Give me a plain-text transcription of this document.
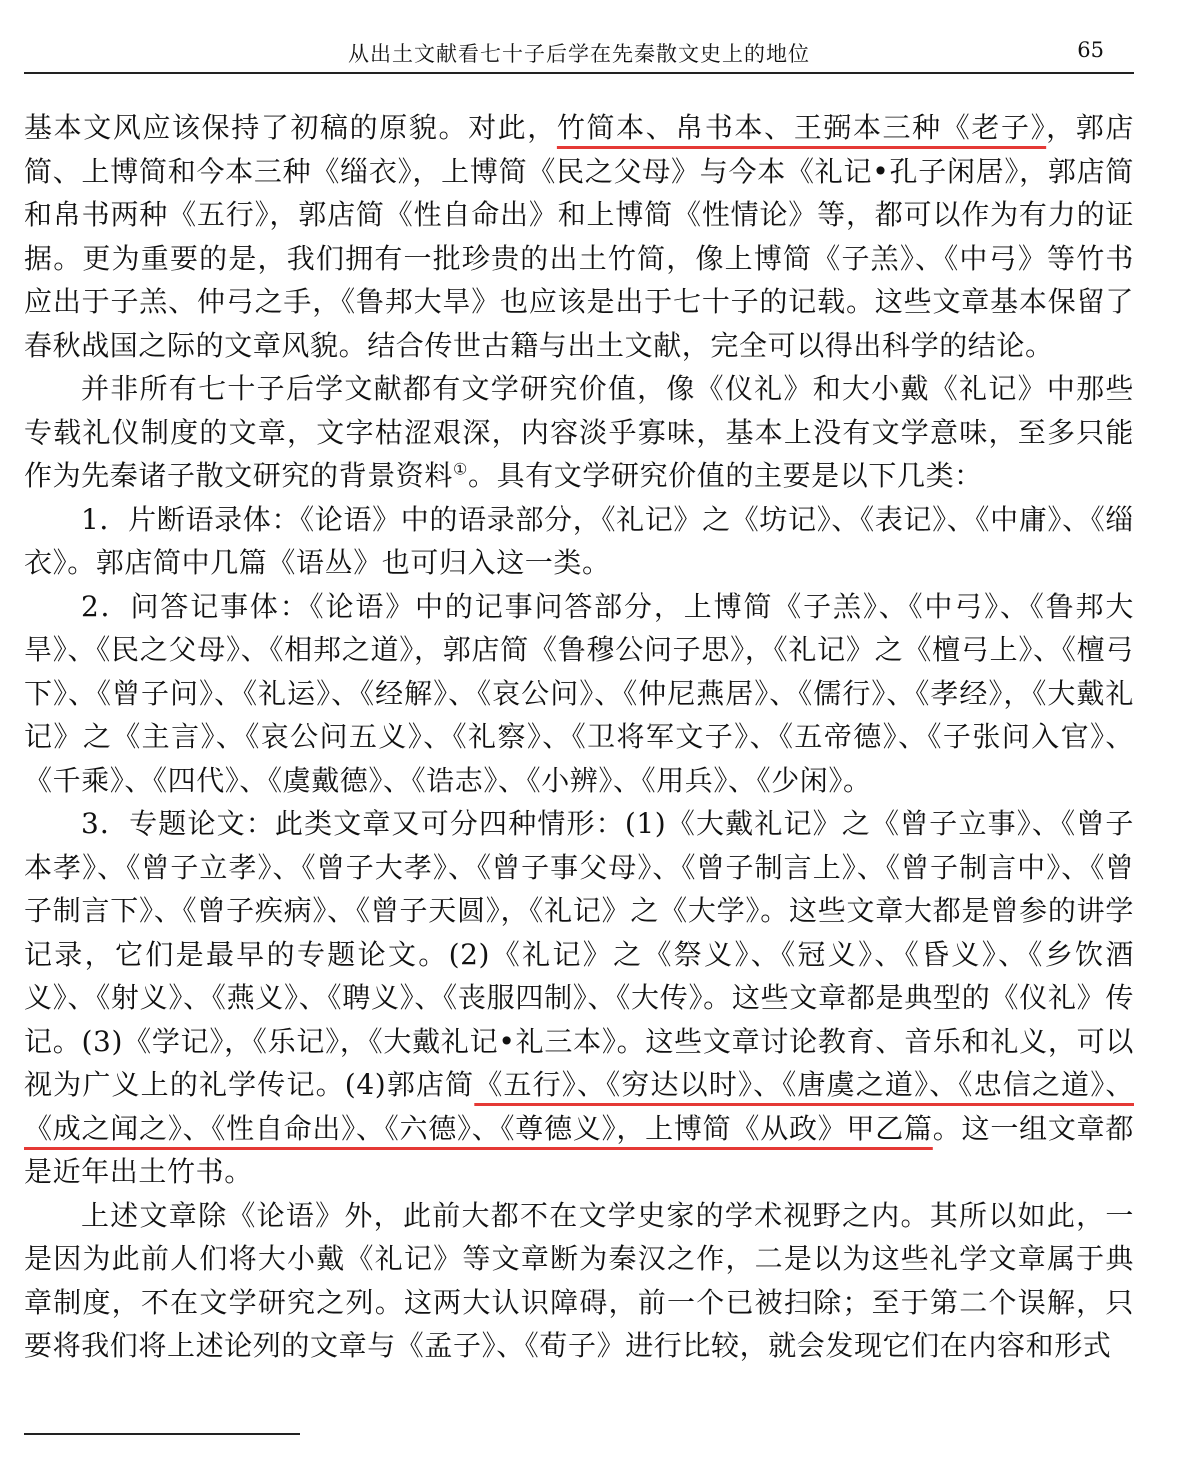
从出土文献看七十子后学在先秦散文史上的地位	65

基本文风应该保持了初稿的原貌。对此，竹简本、帛书本、王弼本三种《老子》，郭店简、上博简和今本三种《缁衣》，上博简《民之父母》与今本《礼记•孔子闲居》，郭店简和帛书两种《五行》，郭店简《性自命出》和上博简《性情论》等，都可以作为有力的证据。更为重要的是，我们拥有一批珍贵的出土竹简，像上博简《子羔》、《中弓》等竹书应出于子羔、仲弓之手，《鲁邦大旱》也应该是出于七十子的记载。这些文章基本保留了春秋战国之际的文章风貌。结合传世古籍与出土文献，完全可以得出科学的结论。

并非所有七十子后学文献都有文学研究价值，像《仪礼》和大小戴《礼记》中那些专载礼仪制度的文章，文字枯涩艰深，内容淡乎寡味，基本上没有文学意味，至多只能作为先秦诸子散文研究的背景资料①。具有文学研究价值的主要是以下几类：

1．片断语录体：《论语》中的语录部分，《礼记》之《坊记》、《表记》、《中庸》、《缁衣》。郭店简中几篇《语丛》也可归入这一类。

2．问答记事体：《论语》中的记事问答部分，上博简《子羔》、《中弓》、《鲁邦大旱》、《民之父母》、《相邦之道》，郭店简《鲁穆公问子思》，《礼记》之《檀弓上》、《檀弓下》、《曾子问》、《礼运》、《经解》、《哀公问》、《仲尼燕居》、《儒行》、《孝经》，《大戴礼记》之《主言》、《哀公问五义》、《礼察》、《卫将军文子》、《五帝德》、《子张问入官》、《千乘》、《四代》、《虞戴德》、《诰志》、《小辨》、《用兵》、《少闲》。

3．专题论文：此类文章又可分四种情形：(1)《大戴礼记》之《曾子立事》、《曾子本孝》、《曾子立孝》、《曾子大孝》、《曾子事父母》、《曾子制言上》、《曾子制言中》、《曾子制言下》、《曾子疾病》、《曾子天圆》，《礼记》之《大学》。这些文章大都是曾参的讲学记录，它们是最早的专题论文。(2)《礼记》之《祭义》、《冠义》、《昏义》、《乡饮酒义》、《射义》、《燕义》、《聘义》、《丧服四制》、《大传》。这些文章都是典型的《仪礼》传记。(3)《学记》，《乐记》，《大戴礼记•礼三本》。这些文章讨论教育、音乐和礼义，可以视为广义上的礼学传记。(4)郭店简《五行》、《穷达以时》、《唐虞之道》、《忠信之道》、《成之闻之》、《性自命出》、《六德》、《尊德义》，上博简《从政》甲乙篇。这一组文章都是近年出土竹书。

上述文章除《论语》外，此前大都不在文学史家的学术视野之内。其所以如此，一是因为此前人们将大小戴《礼记》等文章断为秦汉之作，二是以为这些礼学文章属于典章制度，不在文学研究之列。这两大认识障碍，前一个已被扫除；至于第二个误解，只要将我们将上述论列的文章与《孟子》、《荀子》进行比较，就会发现它们在内容和形式
